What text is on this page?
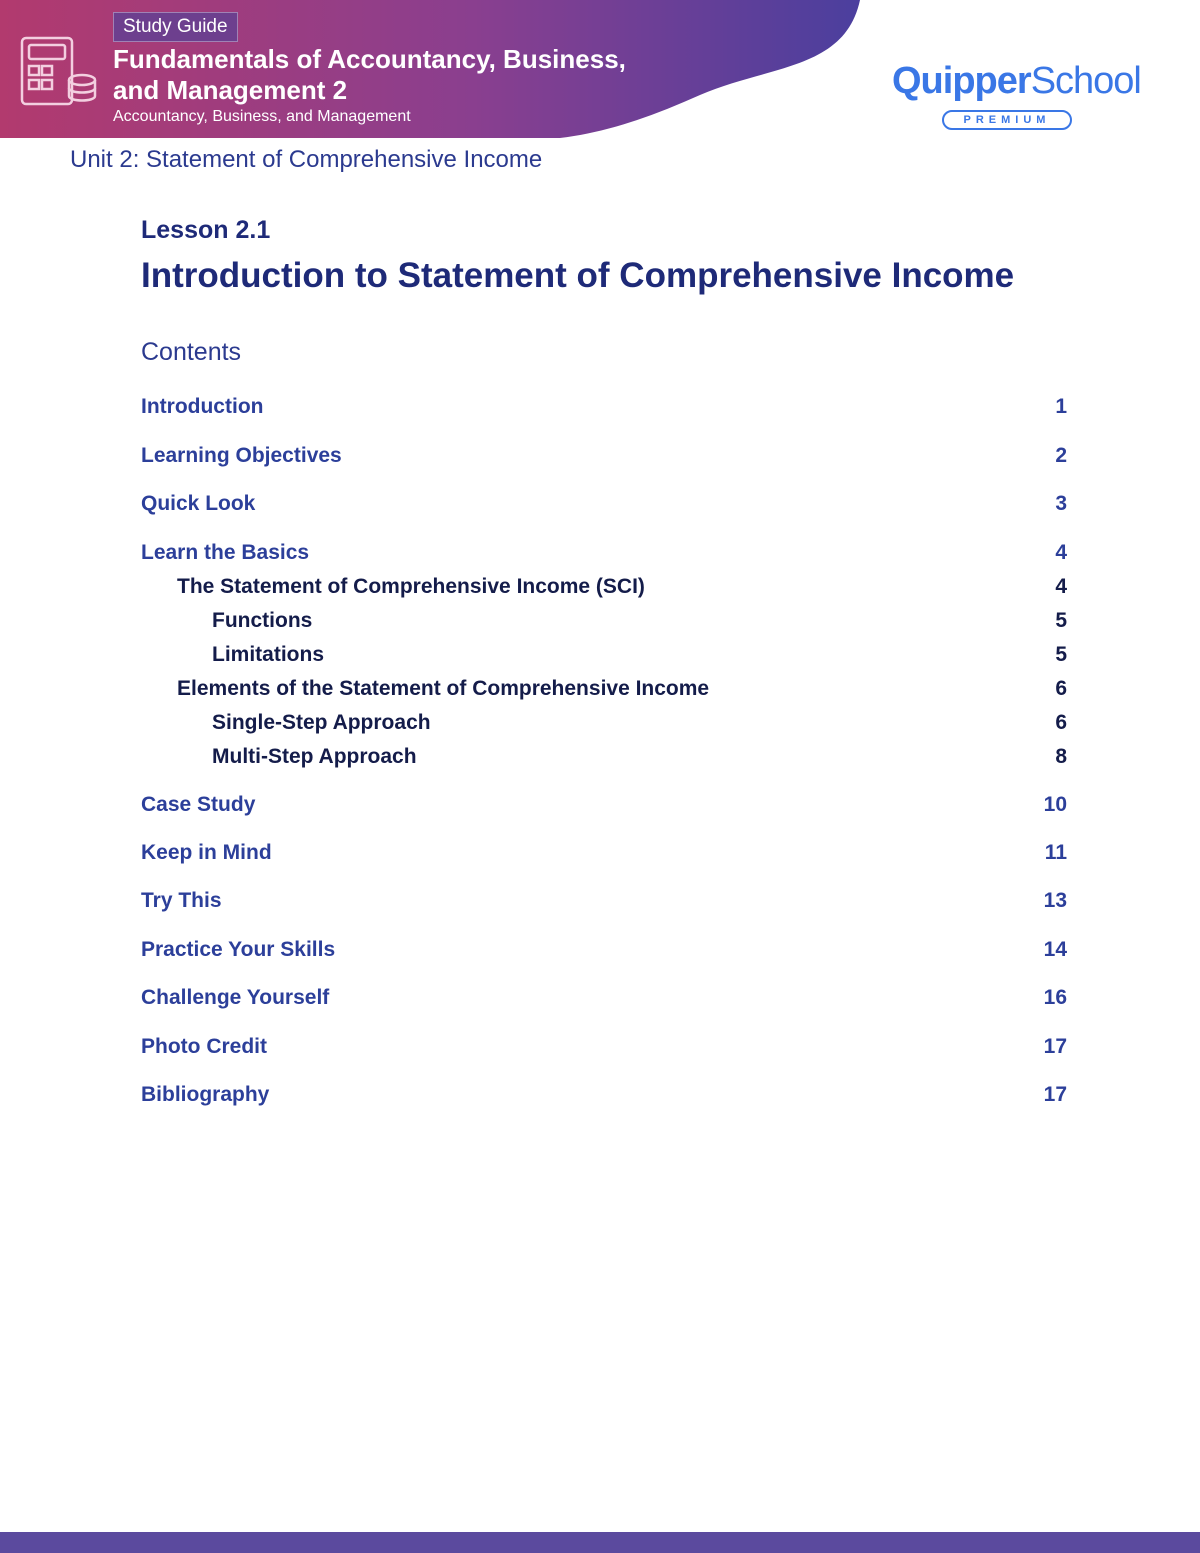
Study Guide
Fundamentals of Accountancy, Business,
and Management 2
Accountancy, Business, and Management
QuipperSchool
PREMIUM
Unit 2: Statement of Comprehensive Income
Lesson 2.1
Introduction to Statement of Comprehensive Income
Contents
Introduction	1
Learning Objectives	2
Quick Look	3
Learn the Basics	4
The Statement of Comprehensive Income (SCI)	4
Functions	5
Limitations	5
Elements of the Statement of Comprehensive Income	6
Single-Step Approach	6
Multi-Step Approach	8
Case Study	10
Keep in Mind	11
Try This	13
Practice Your Skills	14
Challenge Yourself	16
Photo Credit	17
Bibliography	17
